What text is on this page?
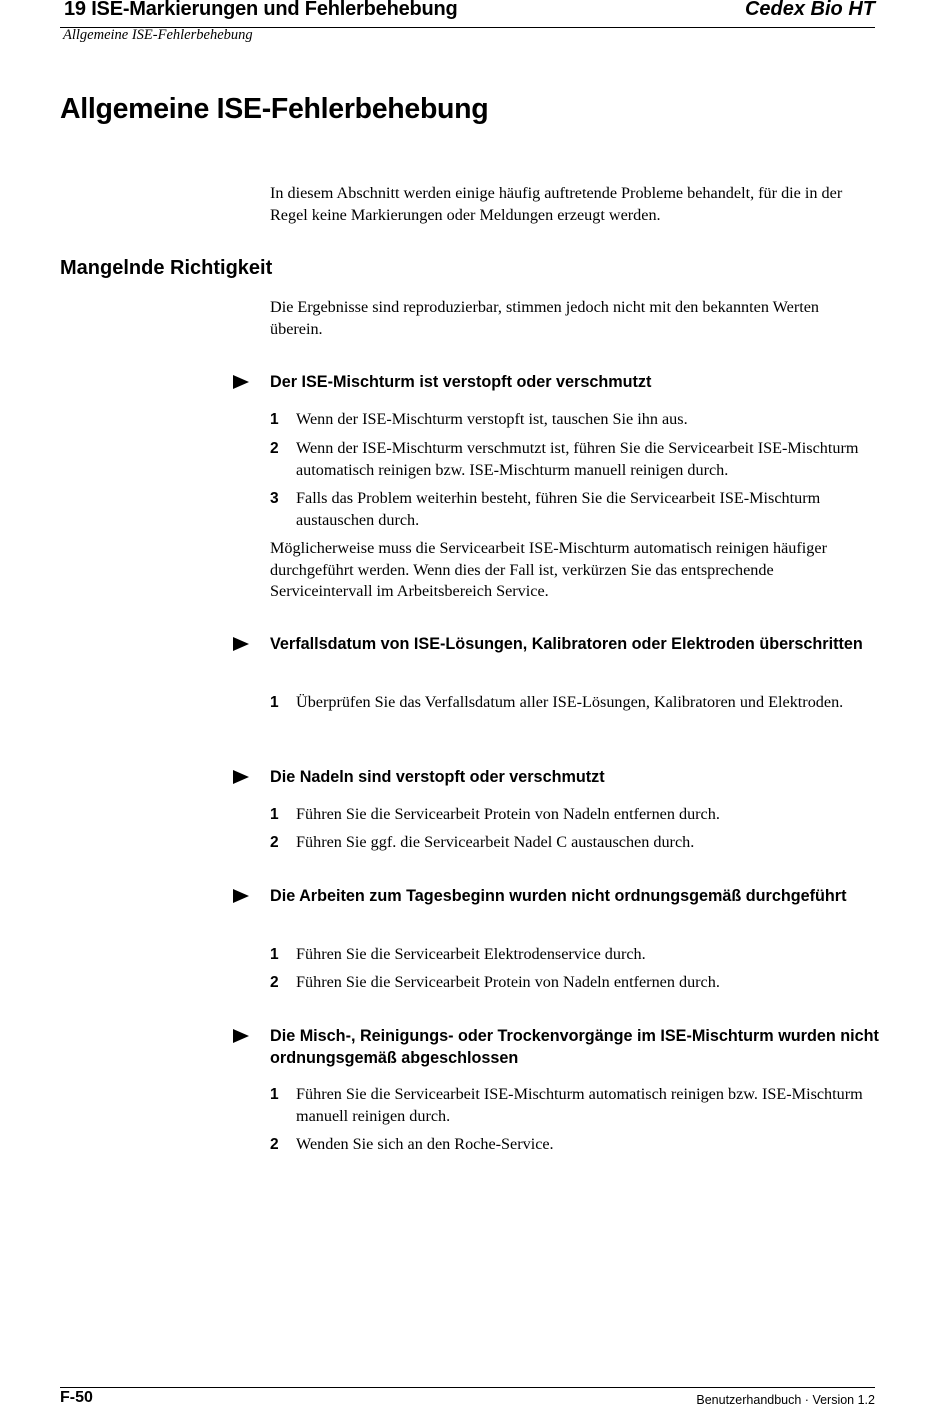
19 ISE-Markierungen und Fehlerbehebung	Cedex Bio HT
Allgemeine ISE-Fehlerbehebung
Allgemeine ISE-Fehlerbehebung

In diesem Abschnitt werden einige häufig auftretende Probleme behandelt, für die in der Regel keine Markierungen oder Meldungen erzeugt werden.

Mangelnde Richtigkeit

Die Ergebnisse sind reproduzierbar, stimmen jedoch nicht mit den bekannten Werten überein.

Der ISE-Mischturm ist verstopft oder verschmutzt

1 Wenn der ISE-Mischturm verstopft ist, tauschen Sie ihn aus.
2 Wenn der ISE-Mischturm verschmutzt ist, führen Sie die Servicearbeit ISE-Mischturm automatisch reinigen bzw. ISE-Mischturm manuell reinigen durch.
3 Falls das Problem weiterhin besteht, führen Sie die Servicearbeit ISE-Mischturm austauschen durch.

Möglicherweise muss die Servicearbeit ISE-Mischturm automatisch reinigen häufiger durchgeführt werden. Wenn dies der Fall ist, verkürzen Sie das entsprechende Serviceintervall im Arbeitsbereich Service.

Verfallsdatum von ISE-Lösungen, Kalibratoren oder Elektroden überschritten

1 Überprüfen Sie das Verfallsdatum aller ISE-Lösungen, Kalibratoren und Elektroden.

Die Nadeln sind verstopft oder verschmutzt

1 Führen Sie die Servicearbeit Protein von Nadeln entfernen durch.
2 Führen Sie ggf. die Servicearbeit Nadel C austauschen durch.

Die Arbeiten zum Tagesbeginn wurden nicht ordnungsgemäß durchgeführt

1 Führen Sie die Servicearbeit Elektrodenservice durch.
2 Führen Sie die Servicearbeit Protein von Nadeln entfernen durch.

Die Misch-, Reinigungs- oder Trockenvorgänge im ISE-Mischturm wurden nicht ordnungsgemäß abgeschlossen

1 Führen Sie die Servicearbeit ISE-Mischturm automatisch reinigen bzw. ISE-Mischturm manuell reinigen durch.
2 Wenden Sie sich an den Roche-Service.
F-50	Benutzerhandbuch · Version 1.2
